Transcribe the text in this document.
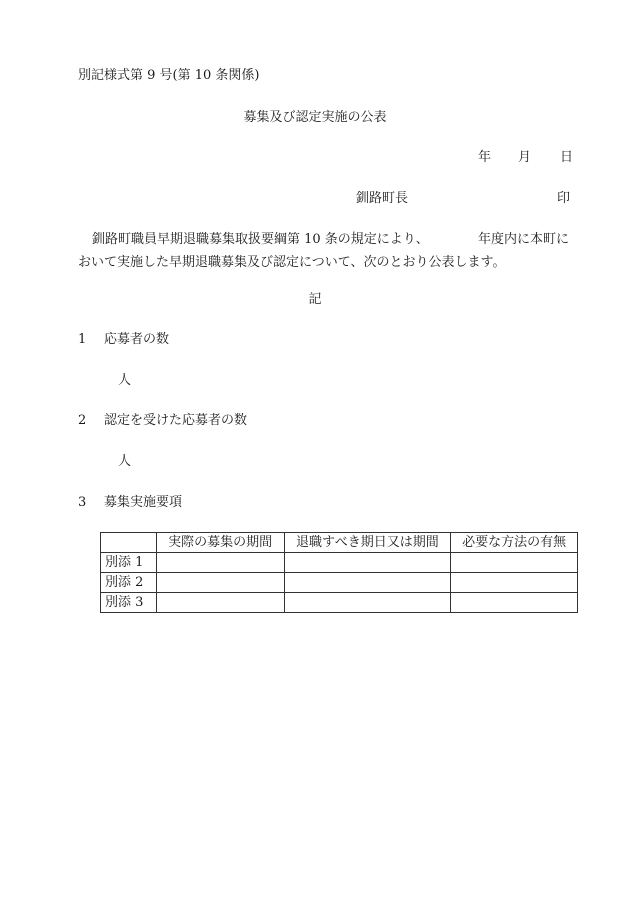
別記様式第 9 号(第 10 条関係)
募集及び認定実施の公表
年 月 日
釧路町長	印
釧路町職員早期退職募集取扱要綱第 10 条の規定により、	年度内に本町に
おいて実施した早期退職募集及び認定について、次のとおり公表します。
記
1 応募者の数
人
2 認定を受けた応募者の数
人
3 募集実施要項
	実際の募集の期間	退職すべき期日又は期間	必要な方法の有無
別添 1			
別添 2			
別添 3			
